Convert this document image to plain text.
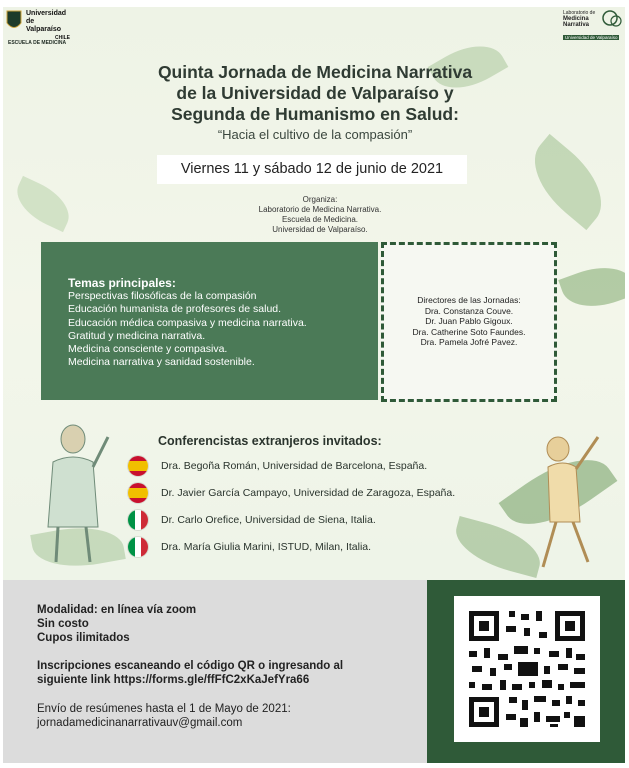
Universidad
de Valparaíso
CHILE
ESCUELA DE MEDICINA
Laboratorio de
Medicina Narrativa
Universidad de Valparaíso
Quinta Jornada de Medicina Narrativa
de la Universidad de Valparaíso y
Segunda de Humanismo en Salud:
“Hacia el cultivo de la compasión”
Viernes 11 y sábado 12 de junio de 2021
Organiza:
Laboratorio de Medicina Narrativa.
Escuela de Medicina.
Universidad de Valparaíso.
Temas principales:
Perspectivas filosóficas de la compasión
Educación humanista de profesores de salud.
Educación médica compasiva y medicina narrativa.
Gratitud y medicina narrativa.
Medicina consciente y compasiva.
Medicina narrativa y sanidad sostenible.
Directores de las Jornadas:
Dra. Constanza Couve.
Dr. Juan Pablo Gigoux.
Dra. Catherine Soto Faundes.
Dra. Pamela Jofré Pavez.
Conferencistas extranjeros invitados:
Dra. Begoña Román, Universidad de Barcelona, España.
Dr. Javier García Campayo, Universidad de Zaragoza, España.
Dr. Carlo Orefice, Universidad de Siena, Italia.
Dra. María Giulia Marini, ISTUD, Milan, Italia.
Modalidad: en línea vía zoom
Sin costo
Cupos ilimitados
Inscripciones escaneando el código QR o ingresando al
siguiente link https://forms.gle/ffFfC2xKaJefYra66
Envío de resúmenes hasta el 1 de Mayo de 2021:
jornadamedicinanarrativauv@gmail.com
